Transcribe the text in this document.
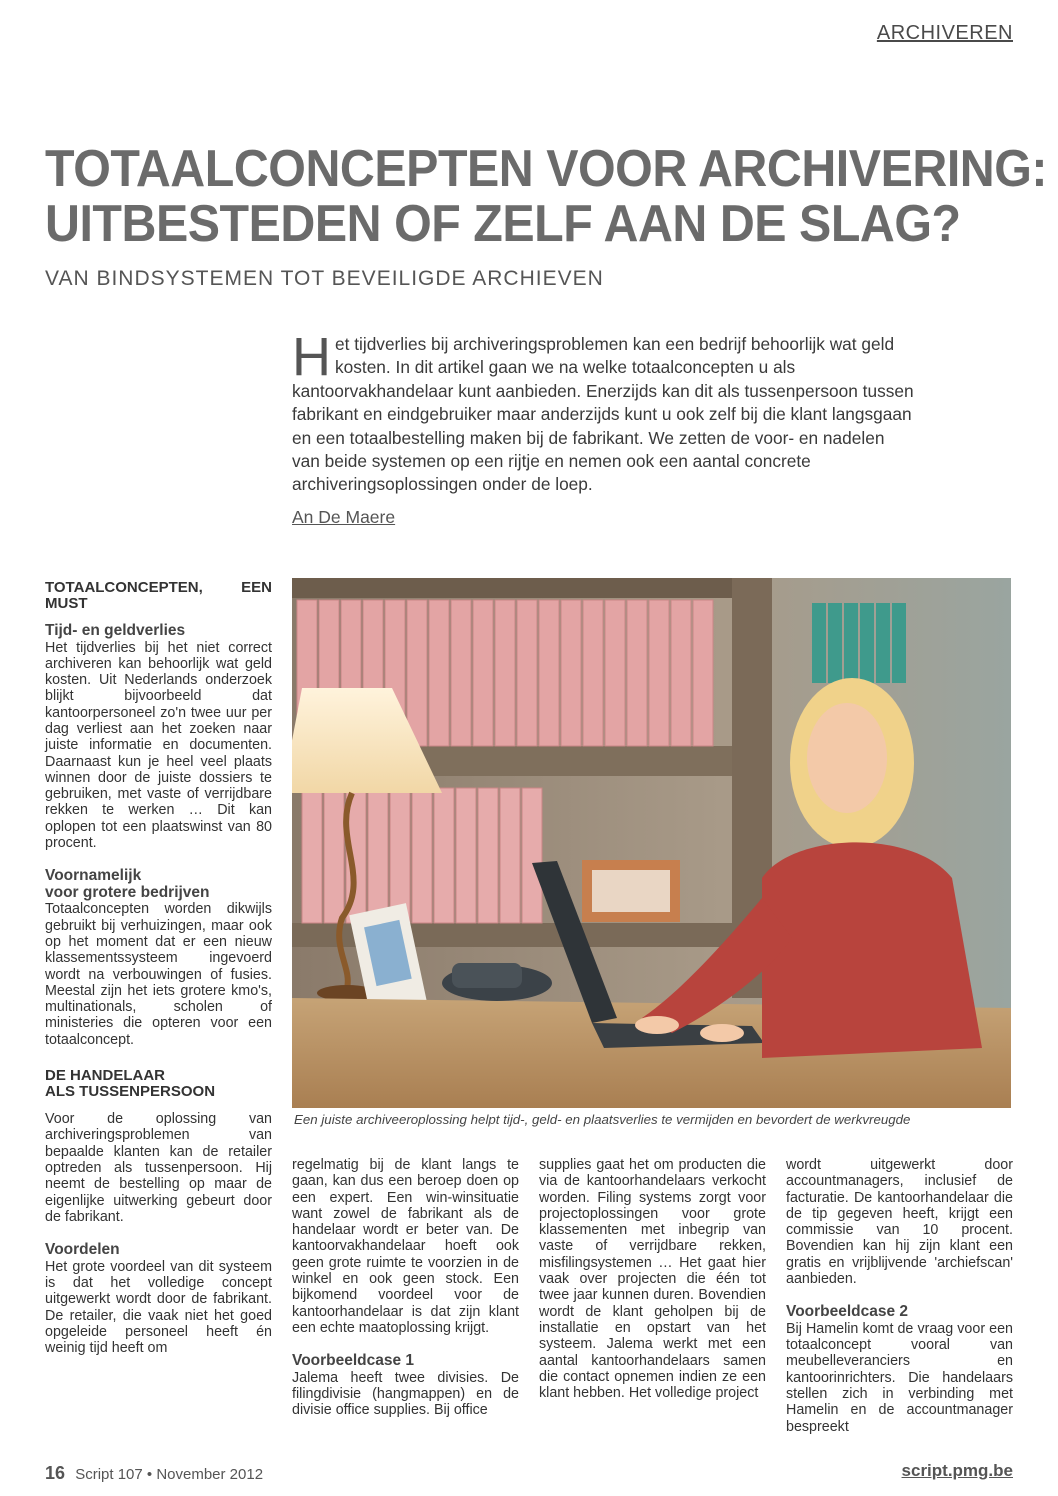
ARCHIVEREN
TOTAALCONCEPTEN VOOR ARCHIVERING:
UITBESTEDEN OF ZELF AAN DE SLAG?
VAN BINDSYSTEMEN TOT BEVEILIGDE ARCHIEVEN

Het tijdverlies bij archiveringsproblemen kan een bedrijf behoorlijk wat geld kosten. In dit artikel gaan we na welke totaalconcepten u als kantoorvakhandelaar kunt aanbieden. Enerzijds kan dit als tussenpersoon tussen fabrikant en eindgebruiker maar anderzijds kunt u ook zelf bij die klant langsgaan en een totaalbestelling maken bij de fabrikant. We zetten de voor- en nadelen van beide systemen op een rijtje en nemen ook een aantal concrete archiveringsoplossingen onder de loep.

An De Maere
TOTAALCONCEPTEN, EEN MUST
Tijd- en geldverlies

Het tijdverlies bij het niet correct archiveren kan behoorlijk wat geld kosten. Uit Nederlands onderzoek blijkt bijvoorbeeld dat kantoorpersoneel zo'n twee uur per dag verliest aan het zoeken naar juiste informatie en documenten. Daarnaast kun je heel veel plaats winnen door de juiste dossiers te gebruiken, met vaste of verrijdbare rekken te werken … Dit kan oplopen tot een plaatswinst van 80 procent.

Voornamelijk
voor grotere bedrijven

Totaalconcepten worden dikwijls gebruikt bij verhuizingen, maar ook op het moment dat er een nieuw klassementssysteem ingevoerd wordt na verbouwingen of fusies. Meestal zijn het iets grotere kmo's, multinationals, scholen of ministeries die opteren voor een totaalconcept.

DE HANDELAAR
ALS TUSSENPERSOON

Voor de oplossing van archiveringsproblemen van bepaalde klanten kan de retailer optreden als tussenpersoon. Hij neemt de bestelling op maar de eigenlijke uitwerking gebeurt door de fabrikant.

Voordelen

Het grote voordeel van dit systeem is dat het volledige concept uitgewerkt wordt door de fabrikant. De retailer, die vaak niet het goed opgeleide personeel heeft én weinig tijd heeft om

Een juiste archiveeroplossing helpt tijd-, geld- en plaatsverlies te vermijden en bevordert de werkvreugde

regelmatig bij de klant langs te gaan, kan dus een beroep doen op een expert. Een win-winsituatie want zowel de fabrikant als de handelaar wordt er beter van. De kantoorvakhandelaar hoeft ook geen grote ruimte te voorzien in de winkel en ook geen stock. Een bijkomend voordeel voor de kantoorhandelaar is dat zijn klant een echte maatoplossing krijgt.

Voorbeeldcase 1

Jalema heeft twee divisies. De filingdivisie (hangmappen) en de divisie office supplies. Bij office

supplies gaat het om producten die via de kantoorhandelaars verkocht worden. Filing systems zorgt voor projectoplossingen voor grote klassementen met inbegrip van vaste of verrijdbare rekken, misfilingsystemen … Het gaat hier vaak over projecten die één tot twee jaar kunnen duren. Bovendien wordt de klant geholpen bij de installatie en opstart van het systeem. Jalema werkt met een aantal kantoorhandelaars samen die contact opnemen indien ze een klant hebben. Het volledige project

wordt uitgewerkt door accountmanagers, inclusief de facturatie. De kantoorhandelaar die de tip gegeven heeft, krijgt een commissie van 10 procent. Bovendien kan hij zijn klant een gratis en vrijblijvende 'archiefscan' aanbieden.

Voorbeeldcase 2

Bij Hamelin komt de vraag voor een totaalconcept vooral van meubelleveranciers en kantoorinrichters. Die handelaars stellen zich in verbinding met Hamelin en de accountmanager bespreekt

16 Script 107 • November 2012	script.pmg.be
